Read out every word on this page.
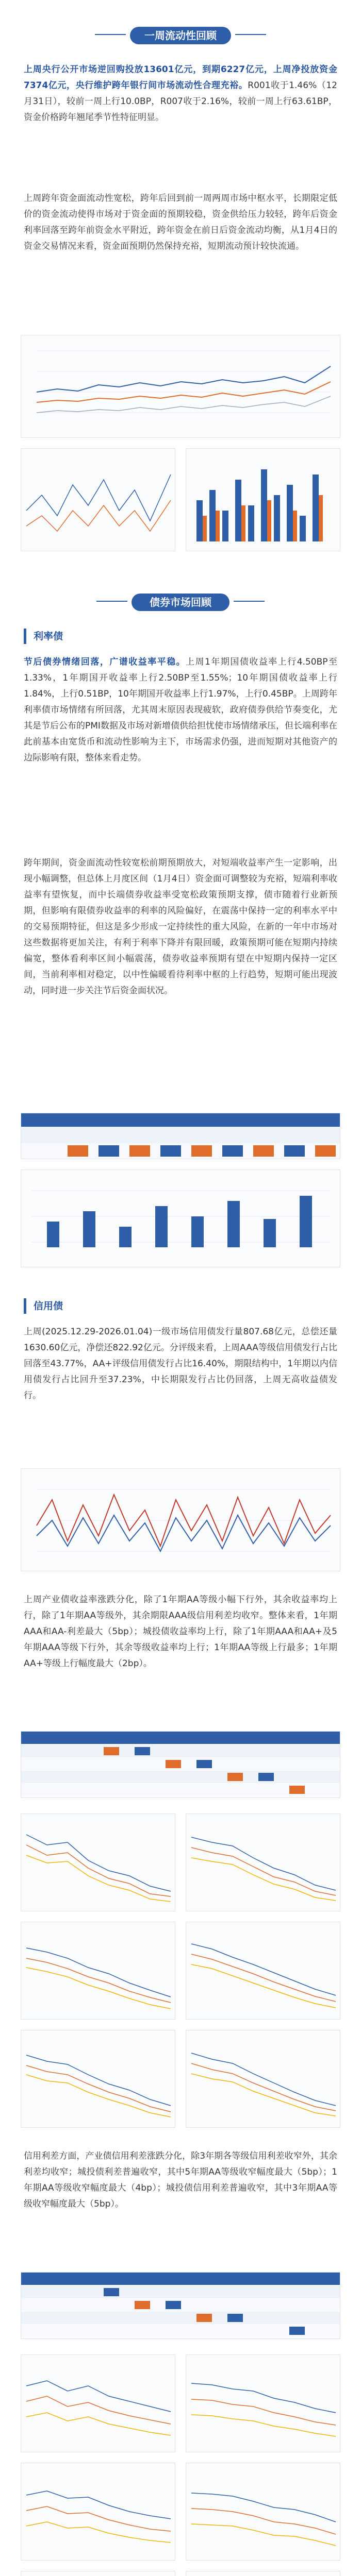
一周流动性回顾
上周央行公开市场逆回购投放13601亿元，到期6227亿元，上周净投放资金7374亿元，央行维护跨年银行间市场流动性合理充裕。R001收于1.46%（12月31日），较前一周上行10.0BP，R007收于2.16%，较前一周上行63.61BP，资金价格跨年翘尾季节性特征明显。
上周跨年资金面流动性宽松，跨年后回到前一周两周市场中枢水平，长期限定低价的资金流动使得市场对于资金面的预期较稳，资金供给压力较轻，跨年后资金利率回落至跨年前资金水平附近，跨年资金在前日后资金流动均衡，从1月4日的资金交易情况来看，资金面预期仍然保持充裕，短期流动预计较快流通。
债券市场回顾
利率债
节后债券情绪回落，广谱收益率平稳。上周1年期国债收益率上行4.50BP至1.33%，1年期国开收益率上行2.50BP至1.55%；10年期国债收益率上行1.84%，上行0.51BP，10年期国开收益率上行1.97%，上行0.45BP。上周跨年利率债市场情绪有所回落，尤其周末原因表现疲软，政府债券供给节奏变化，尤其是节后公布的PMI数据及市场对新增债供给担忧使市场情绪承压，但长端利率在此前基本由宽货币和流动性影响为主下，市场需求仍强，进而短期对其他资产的边际影响有限，整体来看走势。
跨年期间，资金面流动性较宽松前期预期放大，对短端收益率产生一定影响，出现小幅调整，但总体上月度区间（1月4日）资金面可调整较为充裕，短端利率收益率有望恢复，而中长端债券收益率受宽松政策预期支撑，债市随着行业新预期，但影响有限债券收益率的利率的风险偏好，在震荡中保持一定的利率水平中的交易预期特征，但这是多少形成一定持续性的重大风险，在新的一年中市场对这些数据将更加关注，有利于利率下降并有限回暖，政策预期可能在短期内持续偏宽，整体看利率区间小幅震荡，债券收益率预期有望在中短期内保持一定区间，当前利率相对稳定，以中性偏暖看待利率中枢的上行趋势，短期可能出现波动，同时进一步关注节后资金面状况。
信用债
上周(2025.12.29-2026.01.04)一级市场信用债发行量807.68亿元，总偿还量1630.60亿元，净偿还822.92亿元。分评级来看，上周AAA等级信用债发行占比回落至43.77%，AA+评级信用债发行占比16.40%，期限结构中，1年期以内信用债发行占比回升至37.23%，中长期限发行占比仍回落，上周无高收益债发行。
上周产业债收益率涨跌分化，除了1年期AA等级小幅下行外，其余收益率均上行，除了1年期AA等级外，其余期限AAA级信用利差均收窄。整体来看，1年期AAA和AA-利差最大（5bp）；城投债收益率均上行，除了1年期AAA和AA+及5年期AAA等级下行外，其余等级收益率均上行；1年期AA等级上行最多；1年期AA+等级上行幅度最大（2bp）。
信用利差方面，产业债信用利差涨跌分化，除3年期各等级信用利差收窄外，其余利差均收窄；城投债利差普遍收窄，其中5年期AA等级收窄幅度最大（5bp）；1年期AA等级收窄幅度最大（4bp）；城投债信用利差普遍收窄，其中3年期AA等级收窄幅度最大（5bp）。
